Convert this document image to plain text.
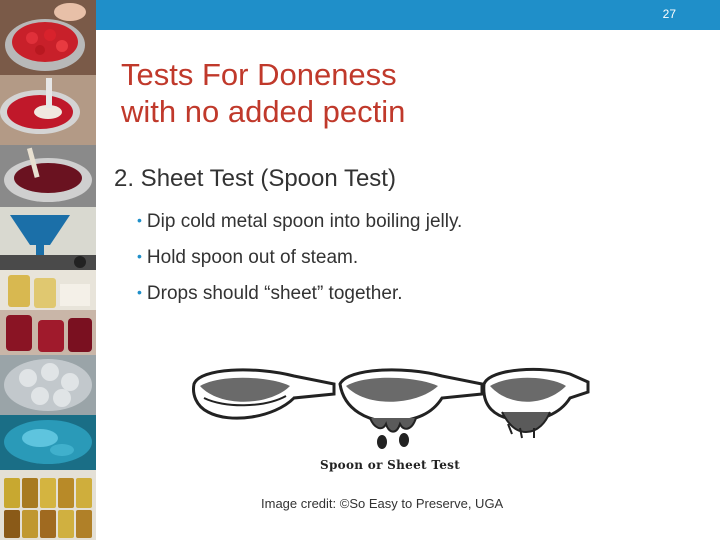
27
Tests For Doneness
with no added pectin
2. Sheet Test (Spoon Test)
• Dip cold metal spoon into boiling jelly.
• Hold spoon out of steam.
• Drops should “sheet” together.
Spoon or Sheet Test
Image credit: ©So Easy to Preserve, UGA
